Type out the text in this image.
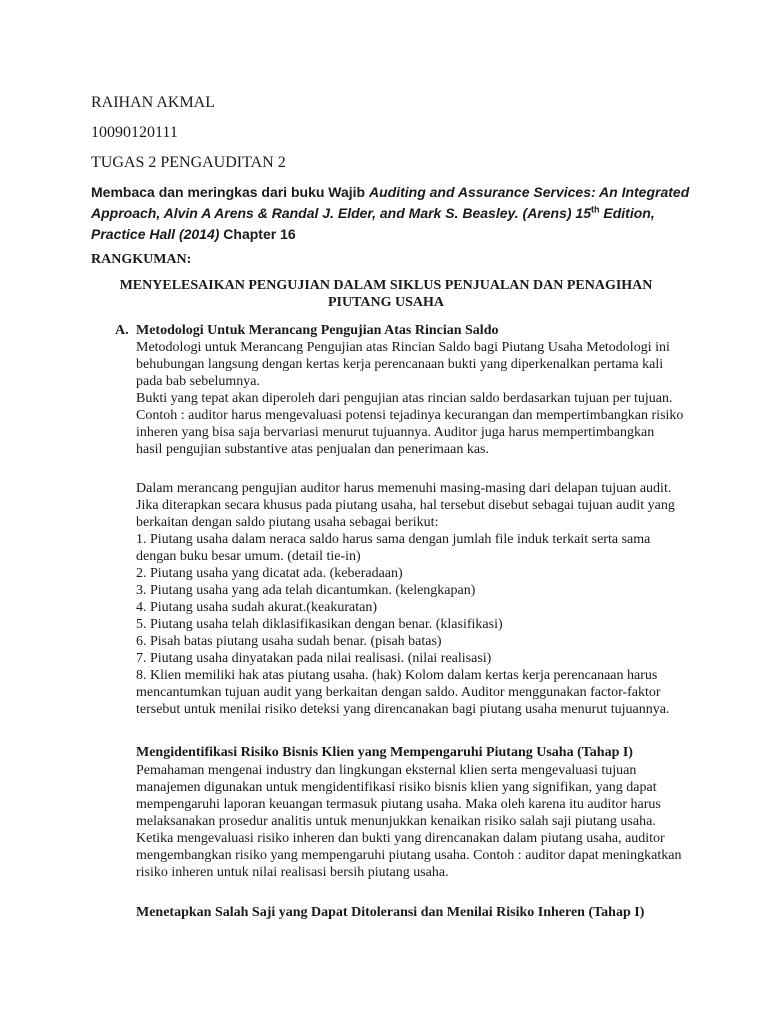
RAIHAN AKMAL
10090120111
TUGAS 2 PENGAUDITAN 2
Membaca dan meringkas dari buku Wajib Auditing and Assurance Services: An Integrated Approach, Alvin A Arens & Randal J. Elder, and Mark S. Beasley. (Arens) 15th Edition, Practice Hall (2014) Chapter 16
RANGKUMAN:
MENYELESAIKAN PENGUJIAN DALAM SIKLUS PENJUALAN DAN PENAGIHAN
PIUTANG USAHA
A. Metodologi Untuk Merancang Pengujian Atas Rincian Saldo
Metodologi untuk Merancang Pengujian atas Rincian Saldo bagi Piutang Usaha Metodologi ini
behubungan langsung dengan kertas kerja perencanaan bukti yang diperkenalkan pertama kali
pada bab sebelumnya.
Bukti yang tepat akan diperoleh dari pengujian atas rincian saldo berdasarkan tujuan per tujuan.
Contoh : auditor harus mengevaluasi potensi tejadinya kecurangan dan mempertimbangkan risiko
inheren yang bisa saja bervariasi menurut tujuannya. Auditor juga harus mempertimbangkan
hasil pengujian substantive atas penjualan dan penerimaan kas.
Dalam merancang pengujian auditor harus memenuhi masing-masing dari delapan tujuan audit.
Jika diterapkan secara khusus pada piutang usaha, hal tersebut disebut sebagai tujuan audit yang
berkaitan dengan saldo piutang usaha sebagai berikut:
1. Piutang usaha dalam neraca saldo harus sama dengan jumlah file induk terkait serta sama
dengan buku besar umum. (detail tie-in)
2. Piutang usaha yang dicatat ada. (keberadaan)
3. Piutang usaha yang ada telah dicantumkan. (kelengkapan)
4. Piutang usaha sudah akurat.(keakuratan)
5. Piutang usaha telah diklasifikasikan dengan benar. (klasifikasi)
6. Pisah batas piutang usaha sudah benar. (pisah batas)
7. Piutang usaha dinyatakan pada nilai realisasi. (nilai realisasi)
8. Klien memiliki hak atas piutang usaha. (hak) Kolom dalam kertas kerja perencanaan harus
mencantumkan tujuan audit yang berkaitan dengan saldo. Auditor menggunakan factor-faktor
tersebut untuk menilai risiko deteksi yang direncanakan bagi piutang usaha menurut tujuannya.
Mengidentifikasi Risiko Bisnis Klien yang Mempengaruhi Piutang Usaha (Tahap I)
Pemahaman mengenai industry dan lingkungan eksternal klien serta mengevaluasi tujuan
manajemen digunakan untuk mengidentifikasi risiko bisnis klien yang signifikan, yang dapat
mempengaruhi laporan keuangan termasuk piutang usaha. Maka oleh karena itu auditor harus
melaksanakan prosedur analitis untuk menunjukkan kenaikan risiko salah saji piutang usaha.
Ketika mengevaluasi risiko inheren dan bukti yang direncanakan dalam piutang usaha, auditor
mengembangkan risiko yang mempengaruhi piutang usaha. Contoh : auditor dapat meningkatkan
risiko inheren untuk nilai realisasi bersih piutang usaha.
Menetapkan Salah Saji yang Dapat Ditoleransi dan Menilai Risiko Inheren (Tahap I)
